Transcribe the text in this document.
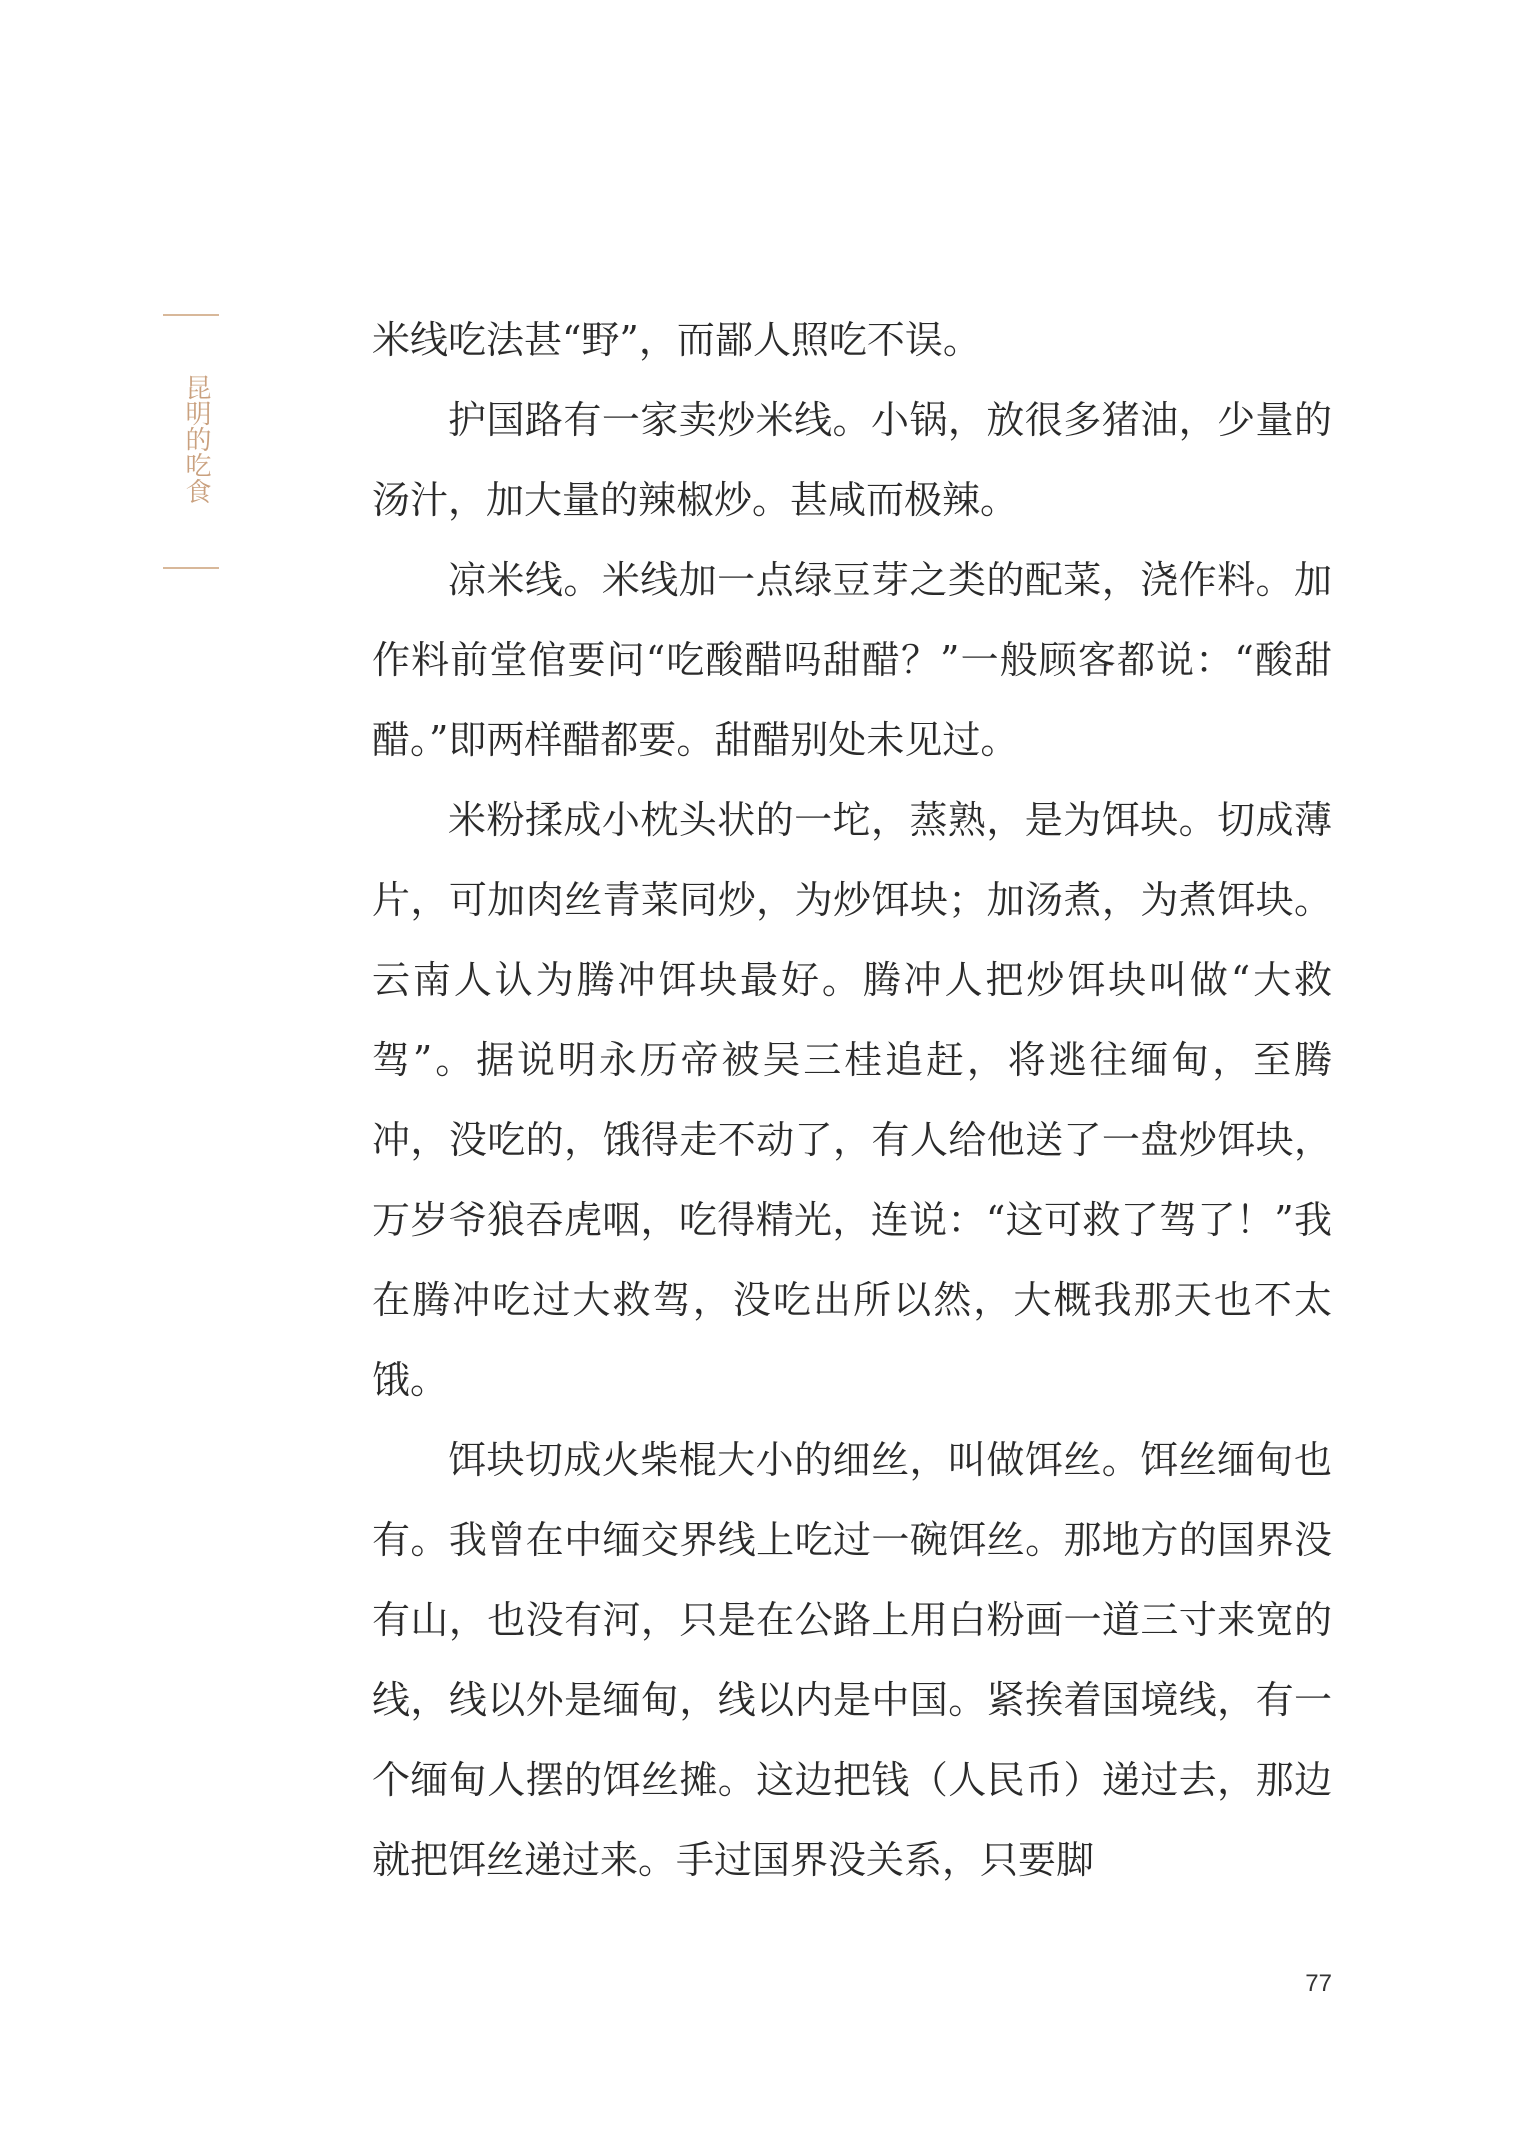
昆明的吃食

米线吃法甚“野”，而鄙人照吃不误。

护国路有一家卖炒米线。小锅，放很多猪油，少量的汤汁，加大量的辣椒炒。甚咸而极辣。

凉米线。米线加一点绿豆芽之类的配菜，浇作料。加作料前堂倌要问“吃酸醋吗甜醋？”一般顾客都说：“酸甜醋。”即两样醋都要。甜醋别处未见过。

米粉揉成小枕头状的一坨，蒸熟，是为饵块。切成薄片，可加肉丝青菜同炒，为炒饵块；加汤煮，为煮饵块。云南人认为腾冲饵块最好。腾冲人把炒饵块叫做“大救驾”。据说明永历帝被吴三桂追赶，将逃往缅甸，至腾冲，没吃的，饿得走不动了，有人给他送了一盘炒饵块，万岁爷狼吞虎咽，吃得精光，连说：“这可救了驾了！”我在腾冲吃过大救驾，没吃出所以然，大概我那天也不太饿。

饵块切成火柴棍大小的细丝，叫做饵丝。饵丝缅甸也有。我曾在中缅交界线上吃过一碗饵丝。那地方的国界没有山，也没有河，只是在公路上用白粉画一道三寸来宽的线，线以外是缅甸，线以内是中国。紧挨着国境线，有一个缅甸人摆的饵丝摊。这边把钱（人民币）递过去，那边就把饵丝递过来。手过国界没关系，只要脚

77
